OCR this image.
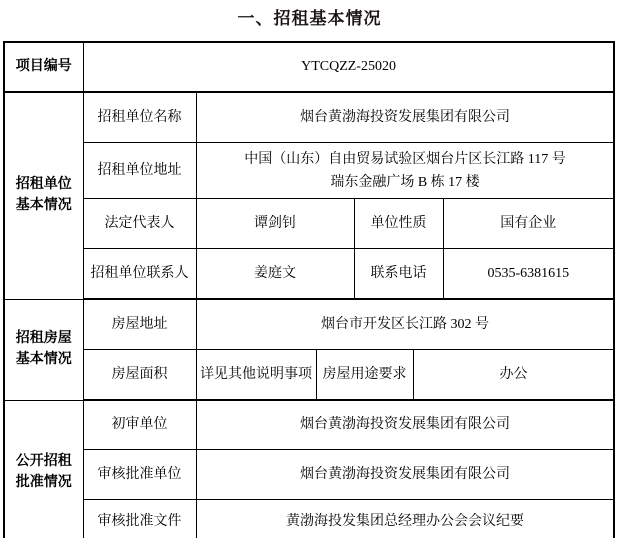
一、招租基本情况
项目编号	YTCQZZ-25020					
招租单位基本情况	招租单位名称	烟台黄渤海投资发展集团有限公司				
	招租单位地址	中国（山东）自由贸易试验区烟台片区长江路 117 号
瑞东金融广场 B 栋 17 楼				

	法定代表人	谭剑钊		单位性质		国有企业
	招租单位联系人	姜庭文		联系电话		0535-6381615
招租房屋基本情况	房屋地址	烟台市开发区长江路 302 号				
	房屋面积	详见其他说明事项	房屋用途要求		办公	
公开招租批准情况	初审单位	烟台黄渤海投资发展集团有限公司				
	审核批准单位	烟台黄渤海投资发展集团有限公司				
	审核批准文件	黄渤海投发集团总经理办公会会议纪要				
